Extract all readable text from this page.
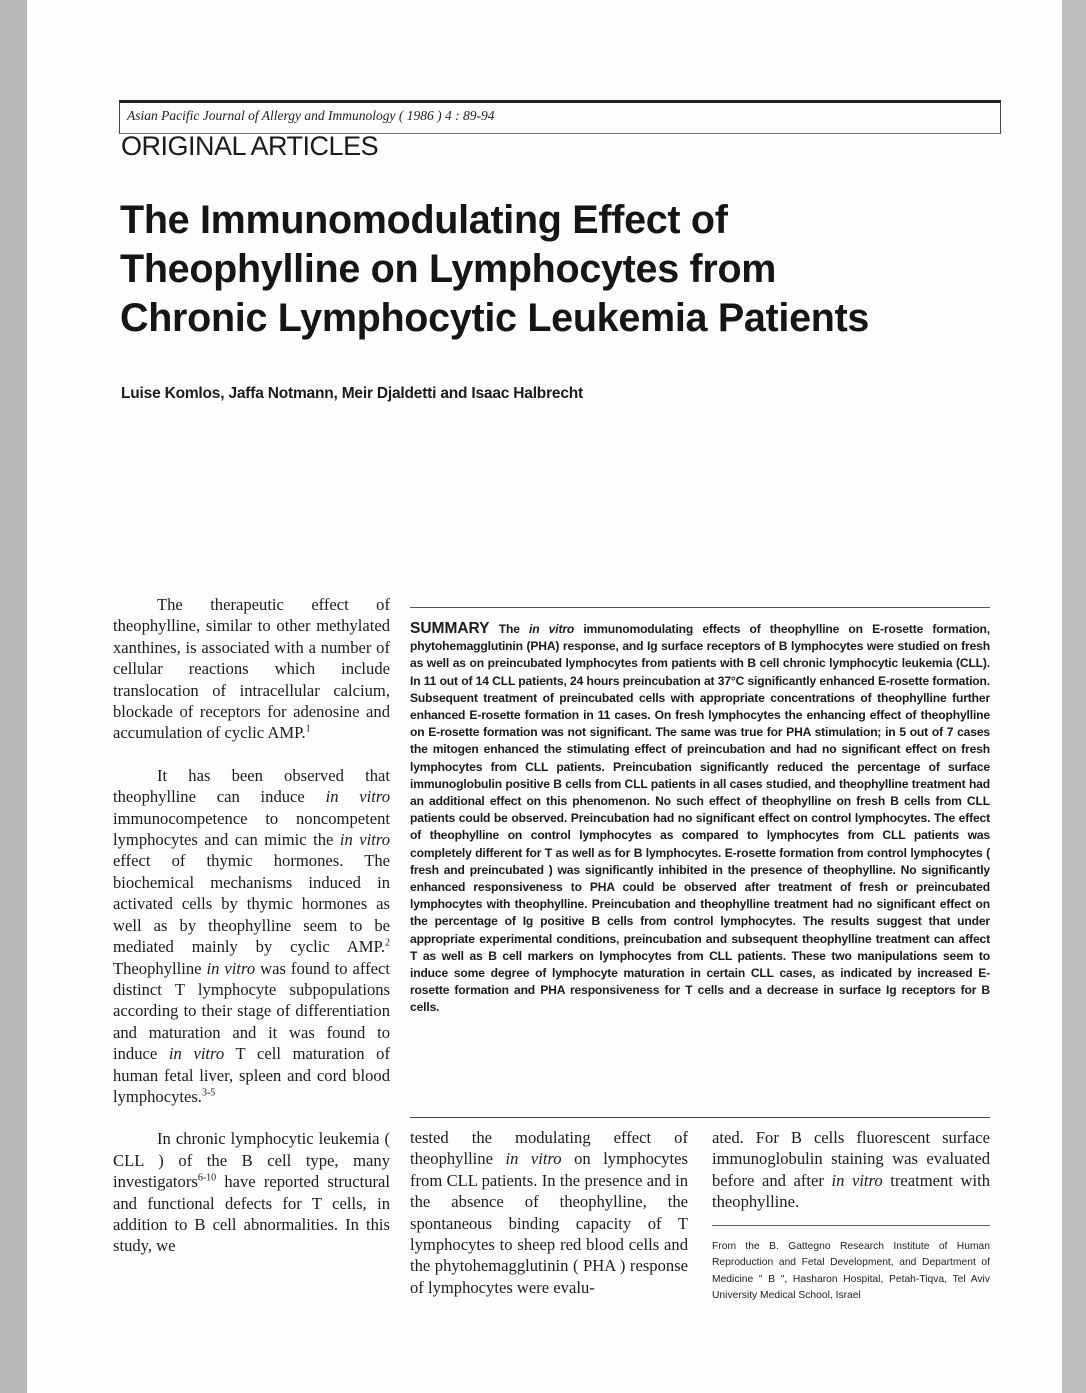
Asian Pacific Journal of Allergy and Immunology ( 1986 ) 4 : 89-94
ORIGINAL ARTICLES
The Immunomodulating Effect of
Theophylline on Lymphocytes from
Chronic Lymphocytic Leukemia Patients
Luise Komlos, Jaffa Notmann, Meir Djaldetti and Isaac Halbrecht

The therapeutic effect of theophylline, similar to other methylated xanthines, is associated with a number of cellular reactions which include translocation of intracellular calcium, blockade of receptors for adenosine and accumulation of cyclic AMP.$^1$

It has been observed that theophylline can induce in vitro immunocompetence to noncompetent lymphocytes and can mimic the in vitro effect of thymic hormones. The biochemical mechanisms induced in activated cells by thymic hormones as well as by theophylline seem to be mediated mainly by cyclic AMP.$^2$ Theophylline in vitro was found to affect distinct T lymphocyte subpopulations according to their stage of differentiation and maturation and it was found to induce in vitro T cell maturation of human fetal liver, spleen and cord blood lymphocytes.$^{3-5}$

In chronic lymphocytic leukemia ( CLL ) of the B cell type, many investigators$^{6-10}$ have reported structural and functional defects for T cells, in addition to B cell abnormalities. In this study, we

SUMMARY The in vitro immunomodulating effects of theophylline on E-rosette formation, phytohemagglutinin (PHA) response, and Ig surface receptors of B lymphocytes were studied on fresh as well as on preincubated lymphocytes from patients with B cell chronic lymphocytic leukemia (CLL). In 11 out of 14 CLL patients, 24 hours preincubation at 37°C significantly enhanced E-rosette formation. Subsequent treatment of preincubated cells with appropriate concentrations of theophylline further enhanced E-rosette formation in 11 cases. On fresh lymphocytes the enhancing effect of theophylline on E-rosette formation was not significant. The same was true for PHA stimulation; in 5 out of 7 cases the mitogen enhanced the stimulating effect of preincubation and had no significant effect on fresh lymphocytes from CLL patients. Preincubation significantly reduced the percentage of surface immunoglobulin positive B cells from CLL patients in all cases studied, and theophylline treatment had an additional effect on this phenomenon. No such effect of theophylline on fresh B cells from CLL patients could be observed. Preincubation had no significant effect on control lymphocytes. The effect of theophylline on control lymphocytes as compared to lymphocytes from CLL patients was completely different for T as well as for B lymphocytes. E-rosette formation from control lymphocytes ( fresh and preincubated ) was significantly inhibited in the presence of theophylline. No significantly enhanced responsiveness to PHA could be observed after treatment of fresh or preincubated lymphocytes with theophylline. Preincubation and theophylline treatment had no significant effect on the percentage of Ig positive B cells from control lymphocytes. The results suggest that under appropriate experimental conditions, preincubation and subsequent theophylline treatment can affect T as well as B cell markers on lymphocytes from CLL patients. These two manipulations seem to induce some degree of lymphocyte maturation in certain CLL cases, as indicated by increased E-rosette formation and PHA responsiveness for T cells and a decrease in surface Ig receptors for B cells.

tested the modulating effect of theophylline in vitro on lymphocytes from CLL patients. In the presence and in the absence of theophylline, the spontaneous binding capacity of T lymphocytes to sheep red blood cells and the phytohemagglutinin ( PHA ) response of lymphocytes were evalu-

ated. For B cells fluorescent surface immunoglobulin staining was evaluated before and after in vitro treatment with theophylline.

From the B. Gattegno Research Institute of Human Reproduction and Fetal Development, and Department of Medicine " B ", Hasharon Hospital, Petah-Tiqva, Tel Aviv University Medical School, Israel
